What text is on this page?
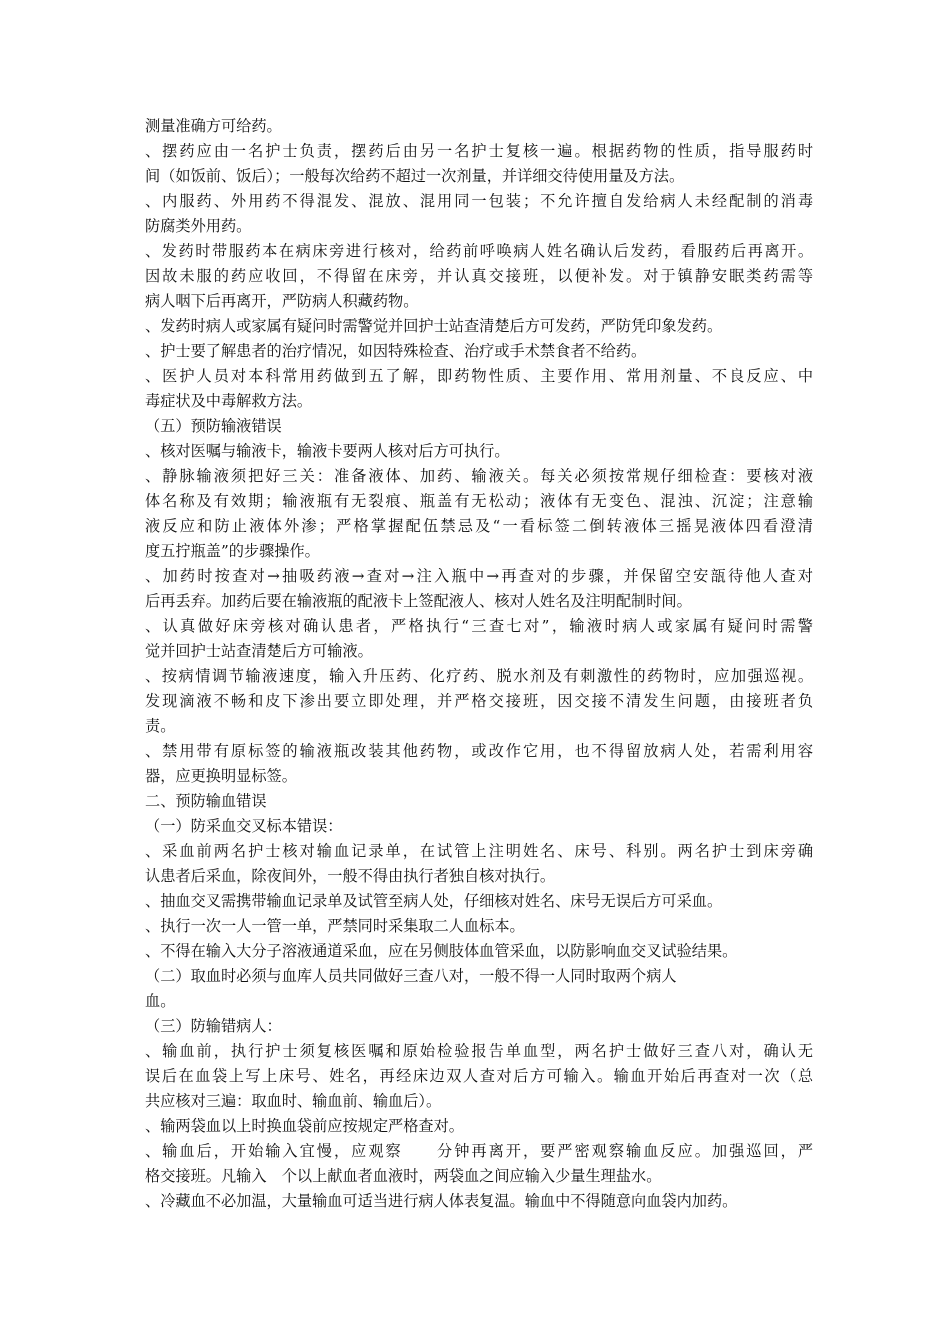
测量准确方可给药。
、摆药应由一名护士负责，摆药后由另一名护士复核一遍。根据药物的性质，指导服药时
间（如饭前、饭后）；一般每次给药不超过一次剂量，并详细交待使用量及方法。
、内服药、外用药不得混发、混放、混用同一包装；不允许擅自发给病人未经配制的消毒
防腐类外用药。
、发药时带服药本在病床旁进行核对，给药前呼唤病人姓名确认后发药，看服药后再离开。
因故未服的药应收回，不得留在床旁，并认真交接班，以便补发。对于镇静安眠类药需等
病人咽下后再离开，严防病人积藏药物。
、发药时病人或家属有疑问时需警觉并回护士站查清楚后方可发药，严防凭印象发药。
、护士要了解患者的治疗情况，如因特殊检查、治疗或手术禁食者不给药。
、医护人员对本科常用药做到五了解，即药物性质、主要作用、常用剂量、不良反应、中
毒症状及中毒解救方法。
（五）预防输液错误
、核对医嘱与输液卡，输液卡要两人核对后方可执行。
、静脉输液须把好三关：准备液体、加药、输液关。每关必须按常规仔细检查：要核对液
体名称及有效期；输液瓶有无裂痕、瓶盖有无松动；液体有无变色、混浊、沉淀；注意输
液反应和防止液体外渗；严格掌握配伍禁忌及“一看标签二倒转液体三摇晃液体四看澄清
度五拧瓶盖”的步骤操作。
、加药时按查对→抽吸药液→查对→注入瓶中→再查对的步骤，并保留空安瓿待他人查对
后再丢弃。加药后要在输液瓶的配液卡上签配液人、核对人姓名及注明配制时间。
、认真做好床旁核对确认患者，严格执行“三查七对”，输液时病人或家属有疑问时需警
觉并回护士站查清楚后方可输液。
、按病情调节输液速度，输入升压药、化疗药、脱水剂及有刺激性的药物时，应加强巡视。
发现滴液不畅和皮下渗出要立即处理，并严格交接班，因交接不清发生问题，由接班者负
责。
、禁用带有原标签的输液瓶改装其他药物，或改作它用，也不得留放病人处，若需利用容
器，应更换明显标签。
二、预防输血错误
（一）防采血交叉标本错误：
、采血前两名护士核对输血记录单，在试管上注明姓名、床号、科别。两名护士到床旁确
认患者后采血，除夜间外，一般不得由执行者独自核对执行。
、抽血交叉需携带输血记录单及试管至病人处，仔细核对姓名、床号无误后方可采血。
、执行一次一人一管一单，严禁同时采集取二人血标本。
、不得在输入大分子溶液通道采血，应在另侧肢体血管采血，以防影响血交叉试验结果。
（二）取血时必须与血库人员共同做好三查八对，一般不得一人同时取两个病人
血。
（三）防输错病人：
、输血前，执行护士须复核医嘱和原始检验报告单血型，两名护士做好三查八对，确认无
误后在血袋上写上床号、姓名，再经床边双人查对后方可输入。输血开始后再查对一次（总
共应核对三遍：取血时、输血前、输血后）。
、输两袋血以上时换血袋前应按规定严格查对。
、输血后，开始输入宜慢，应观察　　分钟再离开，要严密观察输血反应。加强巡回，严
格交接班。凡输入　个以上献血者血液时，两袋血之间应输入少量生理盐水。
、冷藏血不必加温，大量输血可适当进行病人体表复温。输血中不得随意向血袋内加药。
